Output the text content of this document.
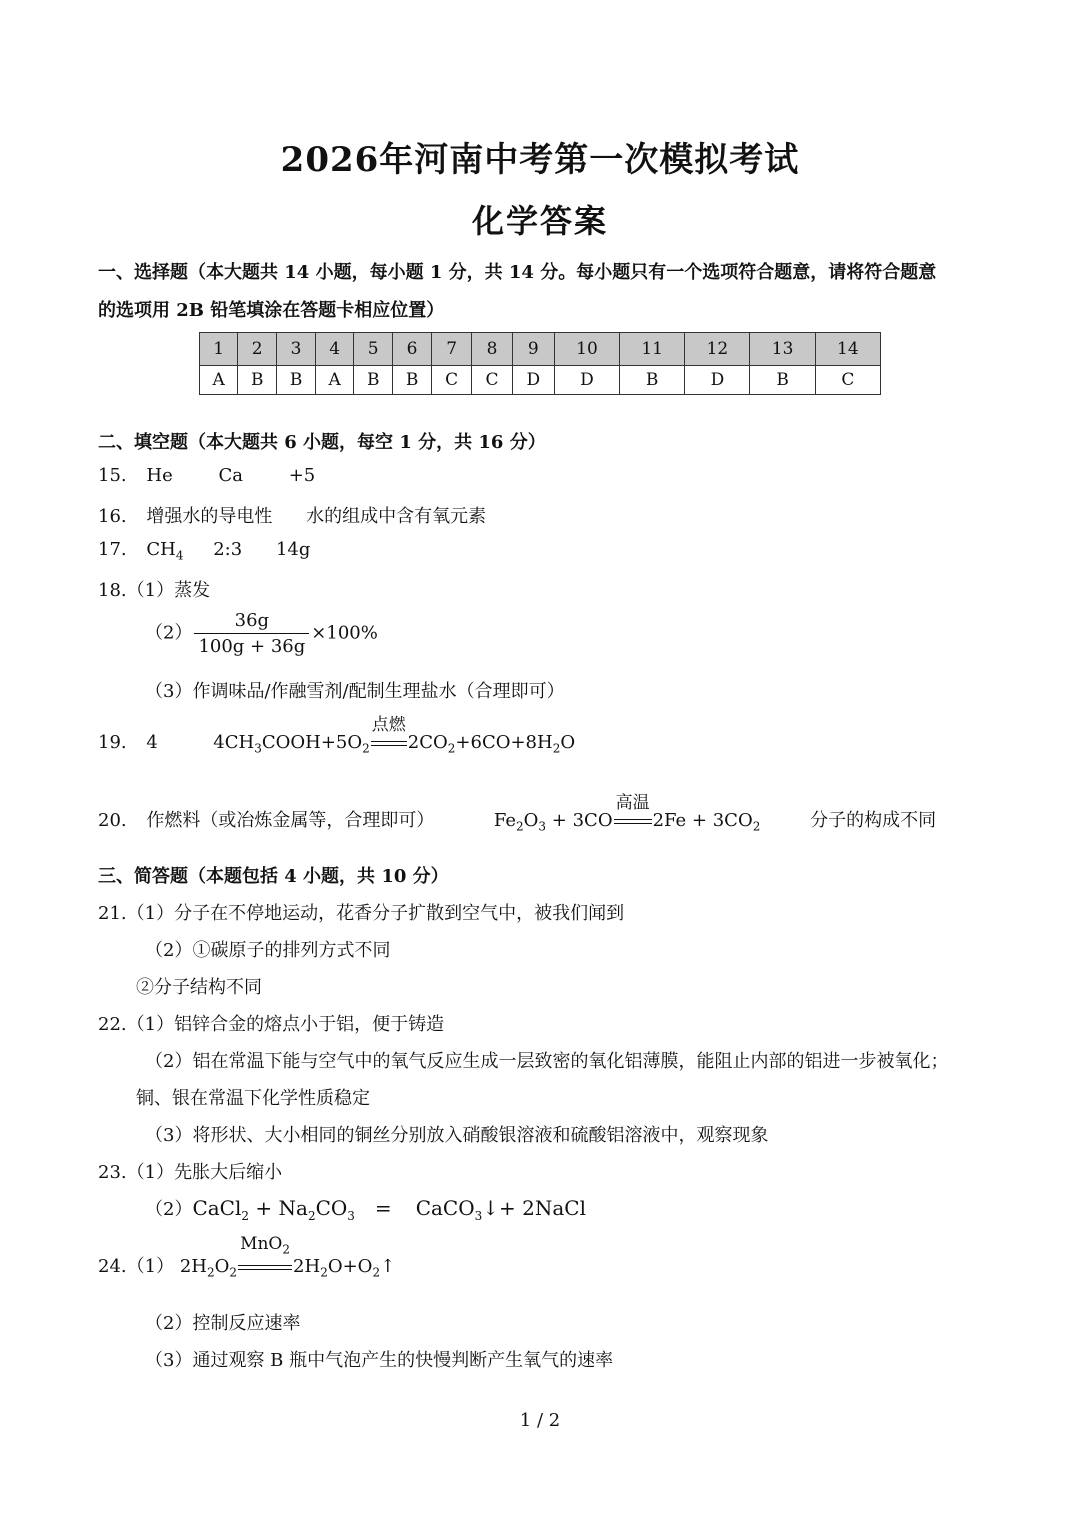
2026年河南中考第一次模拟考试
化学答案
一、选择题（本大题共 14 小题，每小题 1 分，共 14 分。每小题只有一个选项符合题意，请将符合题意
的选项用 2B 铅笔填涂在答题卡相应位置）
1	2	3	4	5	6	7	8	9	10	11	12	13	14
A	B	B	A	B	B	C	C	D	D	B	D	B	C
二、填空题（本大题共 6 小题，每空 1 分，共 16 分）
15. He	Ca	+5
16. 增强水的导电性 水的组成中含有氧元素
17. $CH_4$ 2:3 14g
18.（1）蒸发
$(2) \frac{36g}{100g + 36g} \times 100\%$
（3）作调味品/作融雪剂/配制生理盐水（合理即可）
19. 4	$4CH_3COOH+5O_2$
点燃
$2CO_2+6CO+8H_2O$
20. 作燃料（或冶炼金属等，合理即可）	$Fe_2O_3 + 3CO$
高温
$2Fe + 3CO_2$	分子的构成不同
三、简答题（本题包括 4 小题，共 10 分）
21.（1）分子在不停地运动，花香分子扩散到空气中，被我们闻到
（2）①碳原子的排列方式不同
②分子结构不同
22.（1）铝锌合金的熔点小于铝，便于铸造
（2）铝在常温下能与空气中的氧气反应生成一层致密的氧化铝薄膜，能阻止内部的铝进一步被氧化；
铜、银在常温下化学性质稳定
（3）将形状、大小相同的铜丝分别放入硝酸银溶液和硫酸铝溶液中，观察现象
23.（1）先胀大后缩小
（2）CaCl$_2$ + $Na_2CO_3$ = CaCO$_3$↓+ 2NaCl
24.（1） $2H_2O_2$
MnO$_2$
$2H_2O+O_2↑$
（2）控制反应速率
（3）通过观察 B 瓶中气泡产生的快慢判断产生氧气的速率
1 / 2
